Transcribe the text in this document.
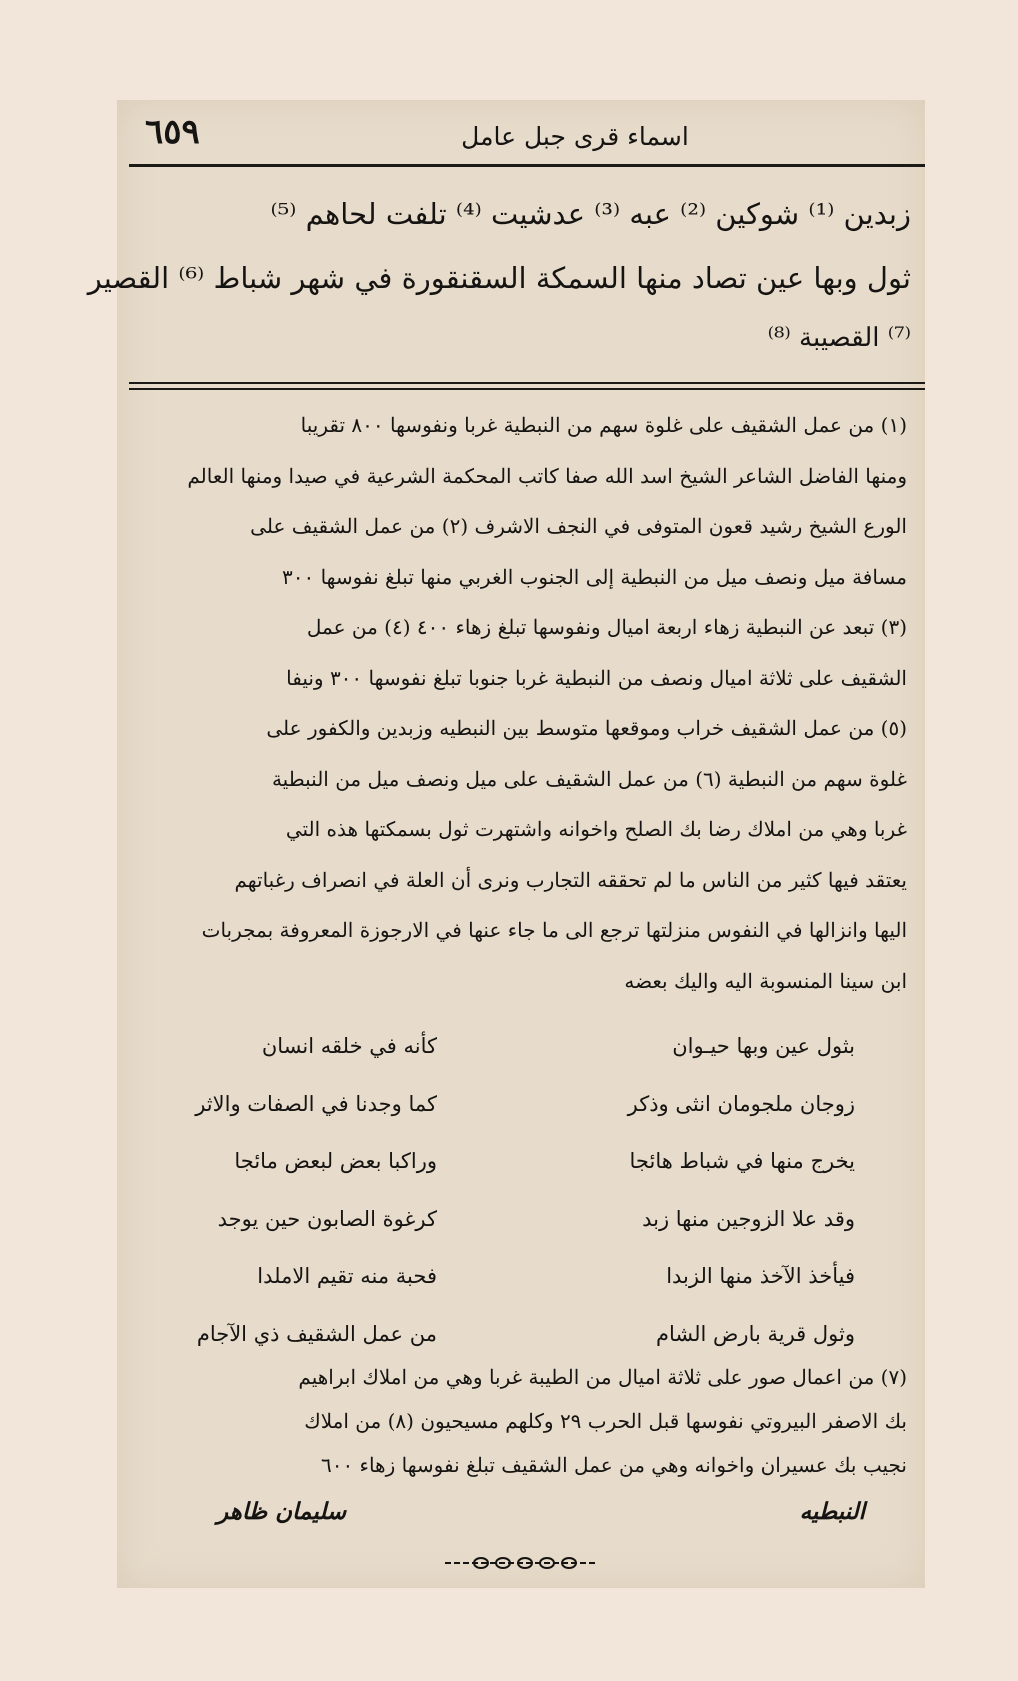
٦٥٩	اسماء قرى جبل عامل
زبدين ⁽¹⁾ شوكين ⁽²⁾ عبه ⁽³⁾ عدشيت ⁽⁴⁾ تلفت لحاهم ⁽⁵⁾
ثول وبها عين تصاد منها السمكة السقنقورة في شهر شباط ⁽⁶⁾ القصير
⁽⁷⁾ القصيبة ⁽⁸⁾
(١) من عمل الشقيف على غلوة سهم من النبطية غربا ونفوسها ٨٠٠ تقريبا
ومنها الفاضل الشاعر الشيخ اسد الله صفا كاتب المحكمة الشرعية في صيدا ومنها العالم
الورع الشيخ رشيد قعون المتوفى في النجف الاشرف (٢) من عمل الشقيف على
مسافة ميل ونصف ميل من النبطية إلى الجنوب الغربي منها تبلغ نفوسها ٣٠٠
(٣) تبعد عن النبطية زهاء اربعة اميال ونفوسها تبلغ زهاء ٤٠٠ (٤) من عمل
الشقيف على ثلاثة اميال ونصف من النبطية غربا جنوبا تبلغ نفوسها ٣٠٠ ونيفا
(٥) من عمل الشقيف خراب وموقعها متوسط بين النبطيه وزبدين والكفور على
غلوة سهم من النبطية (٦) من عمل الشقيف على ميل ونصف ميل من النبطية
غربا وهي من املاك رضا بك الصلح واخوانه واشتهرت ثول بسمكتها هذه التي
يعتقد فيها كثير من الناس ما لم تحققه التجارب ونرى أن العلة في انصراف رغباتهم
اليها وانزالها في النفوس منزلتها ترجع الى ما جاء عنها في الارجوزة المعروفة بمجربات
ابن سينا المنسوبة اليه واليك بعضه
بثول عين وبها حيـوان
كأنه في خلقه انسان
زوجان ملجومان انثى وذكر
كما وجدنا في الصفات والاثر
يخرج منها في شباط هائجا
وراكبا بعض لبعض مائجا
وقد علا الزوجين منها زبد
كرغوة الصابون حين يوجد
فيأخذ الآخذ منها الزبدا
فحبة منه تقيم الاملدا
وثول قرية بارض الشام
من عمل الشقيف ذي الآجام
(٧) من اعمال صور على ثلاثة اميال من الطيبة غربا وهي من املاك ابراهيم
بك الاصفر البيروتي نفوسها قبل الحرب ٢٩ وكلهم مسيحيون (٨) من املاك
نجيب بك عسيران واخوانه وهي من عمل الشقيف تبلغ نفوسها زهاء ٦٠٠
النبطيه
سليمان ظاهر
